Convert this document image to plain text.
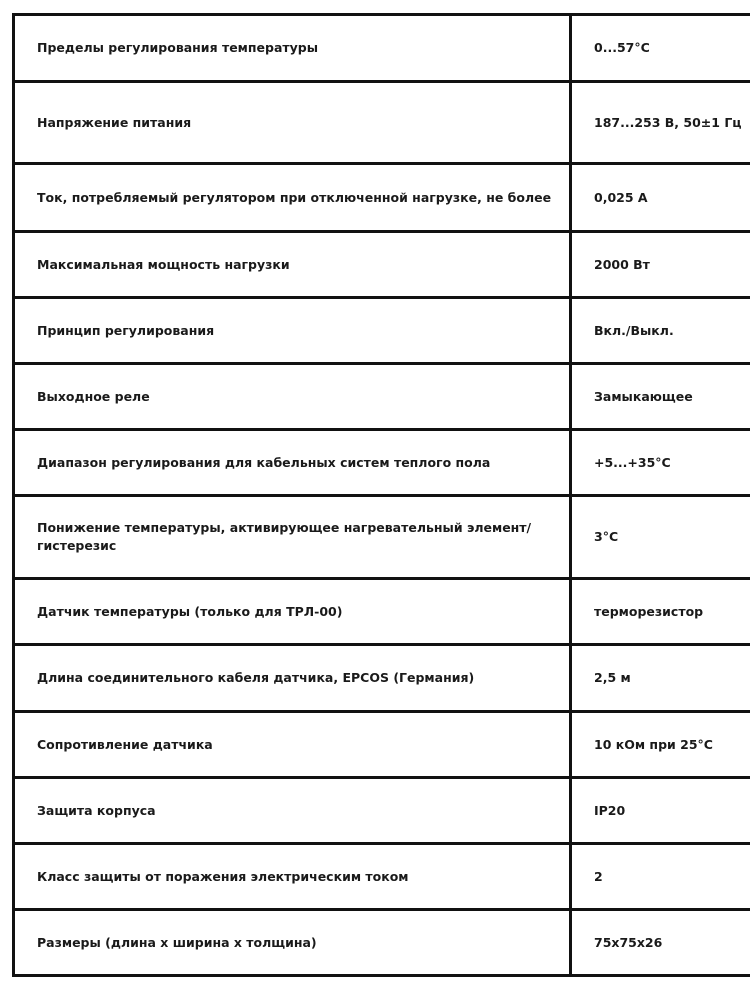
Пределы регулирования температуры	0...57°С
Напряжение питания	187...253 В, 50±1 Гц
Ток, потребляемый регулятором при отключенной нагрузке, не более	0,025 А
Максимальная мощность нагрузки	2000 Вт
Принцип регулирования	Вкл./Выкл.
Выходное реле	Замыкающее
Диапазон регулирования для кабельных систем теплого пола	+5...+35°С
Понижение температуры, активирующее нагревательный элемент/ гистерезис	3°С
Датчик температуры (только для ТРЛ-00)	терморезистор
Длина соединительного кабеля датчика, EPCOS (Германия)	2,5 м
Сопротивление датчика	10 кОм при 25°С
Защита корпуса	IP20
Класс защиты от поражения электрическим током	2
Размеры (длина х ширина х толщина)	75х75х26
